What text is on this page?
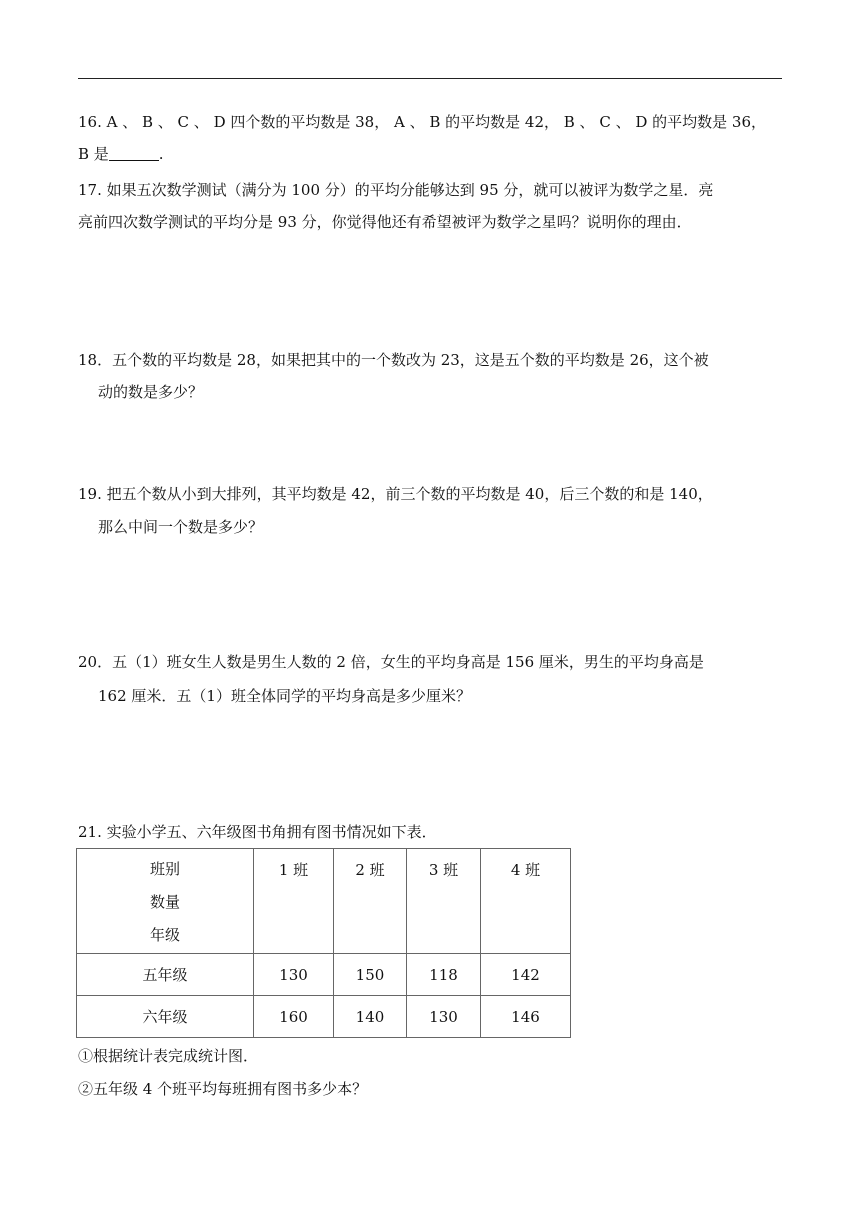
16. A 、 B 、 C 、 D 四个数的平均数是 38， A 、 B 的平均数是 42， B 、 C 、 D 的平均数是 36，
B 是	.
17. 如果五次数学测试（满分为 100 分）的平均分能够达到 95 分，就可以被评为数学之星．亮
亮前四次数学测试的平均分是 93 分，你觉得他还有希望被评为数学之星吗？说明你的理由．
18．五个数的平均数是 28，如果把其中的一个数改为 23，这是五个数的平均数是 26，这个被
动的数是多少？
19. 把五个数从小到大排列，其平均数是 42，前三个数的平均数是 40，后三个数的和是 140，
那么中间一个数是多少？
20．五（1）班女生人数是男生人数的 2 倍，女生的平均身高是 156 厘米，男生的平均身高是
162 厘米．五（1）班全体同学的平均身高是多少厘米？
21. 实验小学五、六年级图书角拥有图书情况如下表．
班别
数量
年级	1 班	2 班	3 班	4 班
五年级	130	150	118	142
六年级	160	140	130	146
①根据统计表完成统计图．
②五年级 4 个班平均每班拥有图书多少本？
